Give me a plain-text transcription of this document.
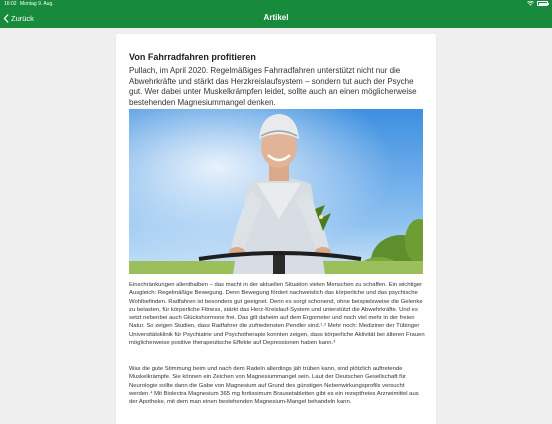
16:02 Montag 9. Aug.
Zurück	Artikel
Von Fahrradfahren profitieren
Pullach, im April 2020. Regelmäßiges Fahrradfahren unterstützt nicht nur die Abwehrkräfte und stärkt das Herzkreislaufsystem – sondern tut auch der Psyche gut. Wer dabei unter Muskelkrämpfen leidet, sollte auch an einen möglicherweise bestehenden Magnesiummangel denken.
Einschränkungen allenthalben – das macht in der aktuellen Situation vielen Menschen zu schaffen. Ein wichtiger Ausgleich: Regelmäßige Bewegung. Denn Bewegung fördert nachweislich das körperliche und das psychische Wohlbefinden. Radfahren ist besonders gut geeignet. Denn es sorgt schonend, ohne beispielsweise die Gelenke zu belasten, für körperliche Fitness, stärkt das Herz-Kreislauf-System und unterstützt die Abwehrkräfte. Und es setzt nebenbei auch Glückshormone frei. Das gilt daheim auf dem Ergometer und noch viel mehr in der freien Natur. So zeigen Studien, dass Radfahrer die zufriedensten Pendler sind.¹˒² Mehr noch: Mediziner der Tübinger Universitätsklinik für Psychiatrie und Psychotherapie konnten zeigen, dass körperliche Aktivität bei älteren Frauen möglicherweise positive therapeutische Effekte auf Depressionen haben kann.³
Was die gute Stimmung beim und nach dem Radeln allerdings jäh trüben kann, sind plötzlich auftretende Muskelkrämpfe. Sie können ein Zeichen von Magnesiummangel sein. Laut der Deutschen Gesellschaft für Neurologie sollte dann die Gabe von Magnesium auf Grund des günstigen Nebenwirkungsprofils versucht werden.⁴ Mit Biolectra Magnesium 365 mg fortissimum Brausetabletten gibt es ein rezeptfreies Arzneimittel aus der Apotheke, mit dem man einen bestehenden Magnesium-Mangel behandeln kann.
